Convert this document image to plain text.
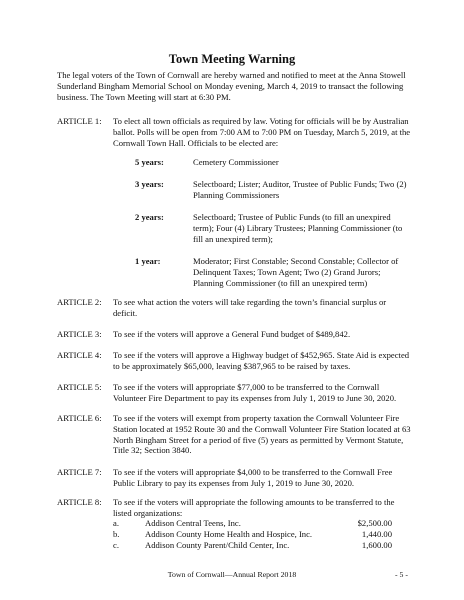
Town Meeting Warning
The legal voters of the Town of Cornwall are hereby warned and notified to meet at the Anna Stowell Sunderland Bingham Memorial School on Monday evening, March 4, 2019 to transact the following business. The Town Meeting will start at 6:30 PM.
ARTICLE 1:	To elect all town officials as required by law. Voting for officials will be by Australian ballot. Polls will be open from 7:00 AM to 7:00 PM on Tuesday, March 5, 2019, at the Cornwall Town Hall. Officials to be elected are:
5 years:	Cemetery Commissioner
3 years:	Selectboard; Lister; Auditor, Trustee of Public Funds; Two (2) Planning Commissioners
2 years:	Selectboard; Trustee of Public Funds (to fill an unexpired term); Four (4) Library Trustees; Planning Commissioner (to fill an unexpired term);
1 year:	Moderator; First Constable; Second Constable; Collector of Delinquent Taxes; Town Agent; Two (2) Grand Jurors; Planning Commissioner (to fill an unexpired term)
ARTICLE 2:	To see what action the voters will take regarding the town’s financial surplus or deficit.
ARTICLE 3:	To see if the voters will approve a General Fund budget of $489,842.
ARTICLE 4:	To see if the voters will approve a Highway budget of $452,965. State Aid is expected to be approximately $65,000, leaving $387,965 to be raised by taxes.
ARTICLE 5:	To see if the voters will appropriate $77,000 to be transferred to the Cornwall Volunteer Fire Department to pay its expenses from July 1, 2019 to June 30, 2020.
ARTICLE 6:	To see if the voters will exempt from property taxation the Cornwall Volunteer Fire Station located at 1952 Route 30 and the Cornwall Volunteer Fire Station located at 63 North Bingham Street for a period of five (5) years as permitted by Vermont Statute, Title 32; Section 3840.
ARTICLE 7:	To see if the voters will appropriate $4,000 to be transferred to the Cornwall Free Public Library to pay its expenses from July 1, 2019 to June 30, 2020.
ARTICLE 8:	To see if the voters will appropriate the following amounts to be transferred to the listed organizations:
a.	Addison Central Teens, Inc.	$2,500.00
b.	Addison County Home Health and Hospice, Inc.	1,440.00
c.	Addison County Parent/Child Center, Inc.	1,600.00
Town of Cornwall—Annual Report 2018	- 5 -
